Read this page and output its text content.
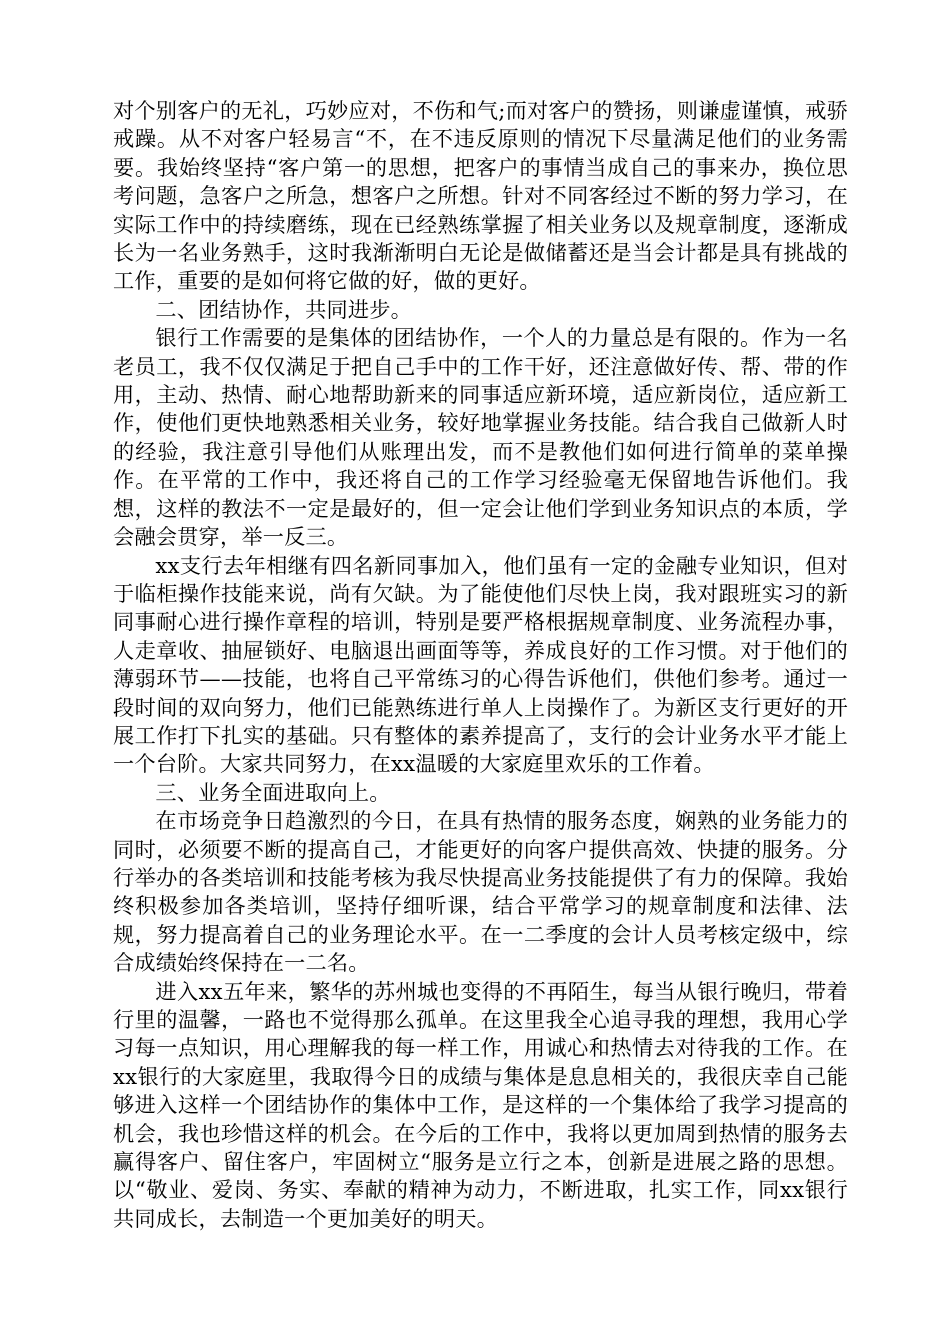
对个别客户的无礼，巧妙应对，不伤和气;而对客户的赞扬，则谦虚谨慎，戒骄戒躁。从不对客户轻易言“不，在不违反原则的情况下尽量满足他们的业务需要。我始终坚持“客户第一的思想，把客户的事情当成自己的事来办，换位思考问题，急客户之所急，想客户之所想。针对不同客经过不断的努力学习，在实际工作中的持续磨练，现在已经熟练掌握了相关业务以及规章制度，逐渐成长为一名业务熟手，这时我渐渐明白无论是做储蓄还是当会计都是具有挑战的工作，重要的是如何将它做的好，做的更好。

二、团结协作，共同进步。

银行工作需要的是集体的团结协作，一个人的力量总是有限的。作为一名老员工，我不仅仅满足于把自己手中的工作干好，还注意做好传、帮、带的作用，主动、热情、耐心地帮助新来的同事适应新环境，适应新岗位，适应新工作，使他们更快地熟悉相关业务，较好地掌握业务技能。结合我自己做新人时的经验，我注意引导他们从账理出发，而不是教他们如何进行简单的菜单操作。在平常的工作中，我还将自己的工作学习经验毫无保留地告诉他们。我想，这样的教法不一定是最好的，但一定会让他们学到业务知识点的本质，学会融会贯穿，举一反三。

xx支行去年相继有四名新同事加入，他们虽有一定的金融专业知识，但对于临柜操作技能来说，尚有欠缺。为了能使他们尽快上岗，我对跟班实习的新同事耐心进行操作章程的培训，特别是要严格根据规章制度、业务流程办事，人走章收、抽屉锁好、电脑退出画面等等，养成良好的工作习惯。对于他们的薄弱环节——技能，也将自己平常练习的心得告诉他们，供他们参考。通过一段时间的双向努力，他们已能熟练进行单人上岗操作了。为新区支行更好的开展工作打下扎实的基础。只有整体的素养提高了，支行的会计业务水平才能上一个台阶。大家共同努力，在xx温暖的大家庭里欢乐的工作着。

三、业务全面进取向上。

在市场竞争日趋激烈的今日，在具有热情的服务态度，娴熟的业务能力的同时，必须要不断的提高自己，才能更好的向客户提供高效、快捷的服务。分行举办的各类培训和技能考核为我尽快提高业务技能提供了有力的保障。我始终积极参加各类培训，坚持仔细听课，结合平常学习的规章制度和法律、法规，努力提高着自己的业务理论水平。在一二季度的会计人员考核定级中，综合成绩始终保持在一二名。

进入xx五年来，繁华的苏州城也变得的不再陌生，每当从银行晚归，带着行里的温馨，一路也不觉得那么孤单。在这里我全心追寻我的理想，我用心学习每一点知识，用心理解我的每一样工作，用诚心和热情去对待我的工作。在xx银行的大家庭里，我取得今日的成绩与集体是息息相关的，我很庆幸自己能够进入这样一个团结协作的集体中工作，是这样的一个集体给了我学习提高的机会，我也珍惜这样的机会。在今后的工作中，我将以更加周到热情的服务去赢得客户、留住客户，牢固树立“服务是立行之本，创新是进展之路的思想。以“敬业、爱岗、务实、奉献的精神为动力，不断进取，扎实工作，同xx银行共同成长，去制造一个更加美好的明天。
